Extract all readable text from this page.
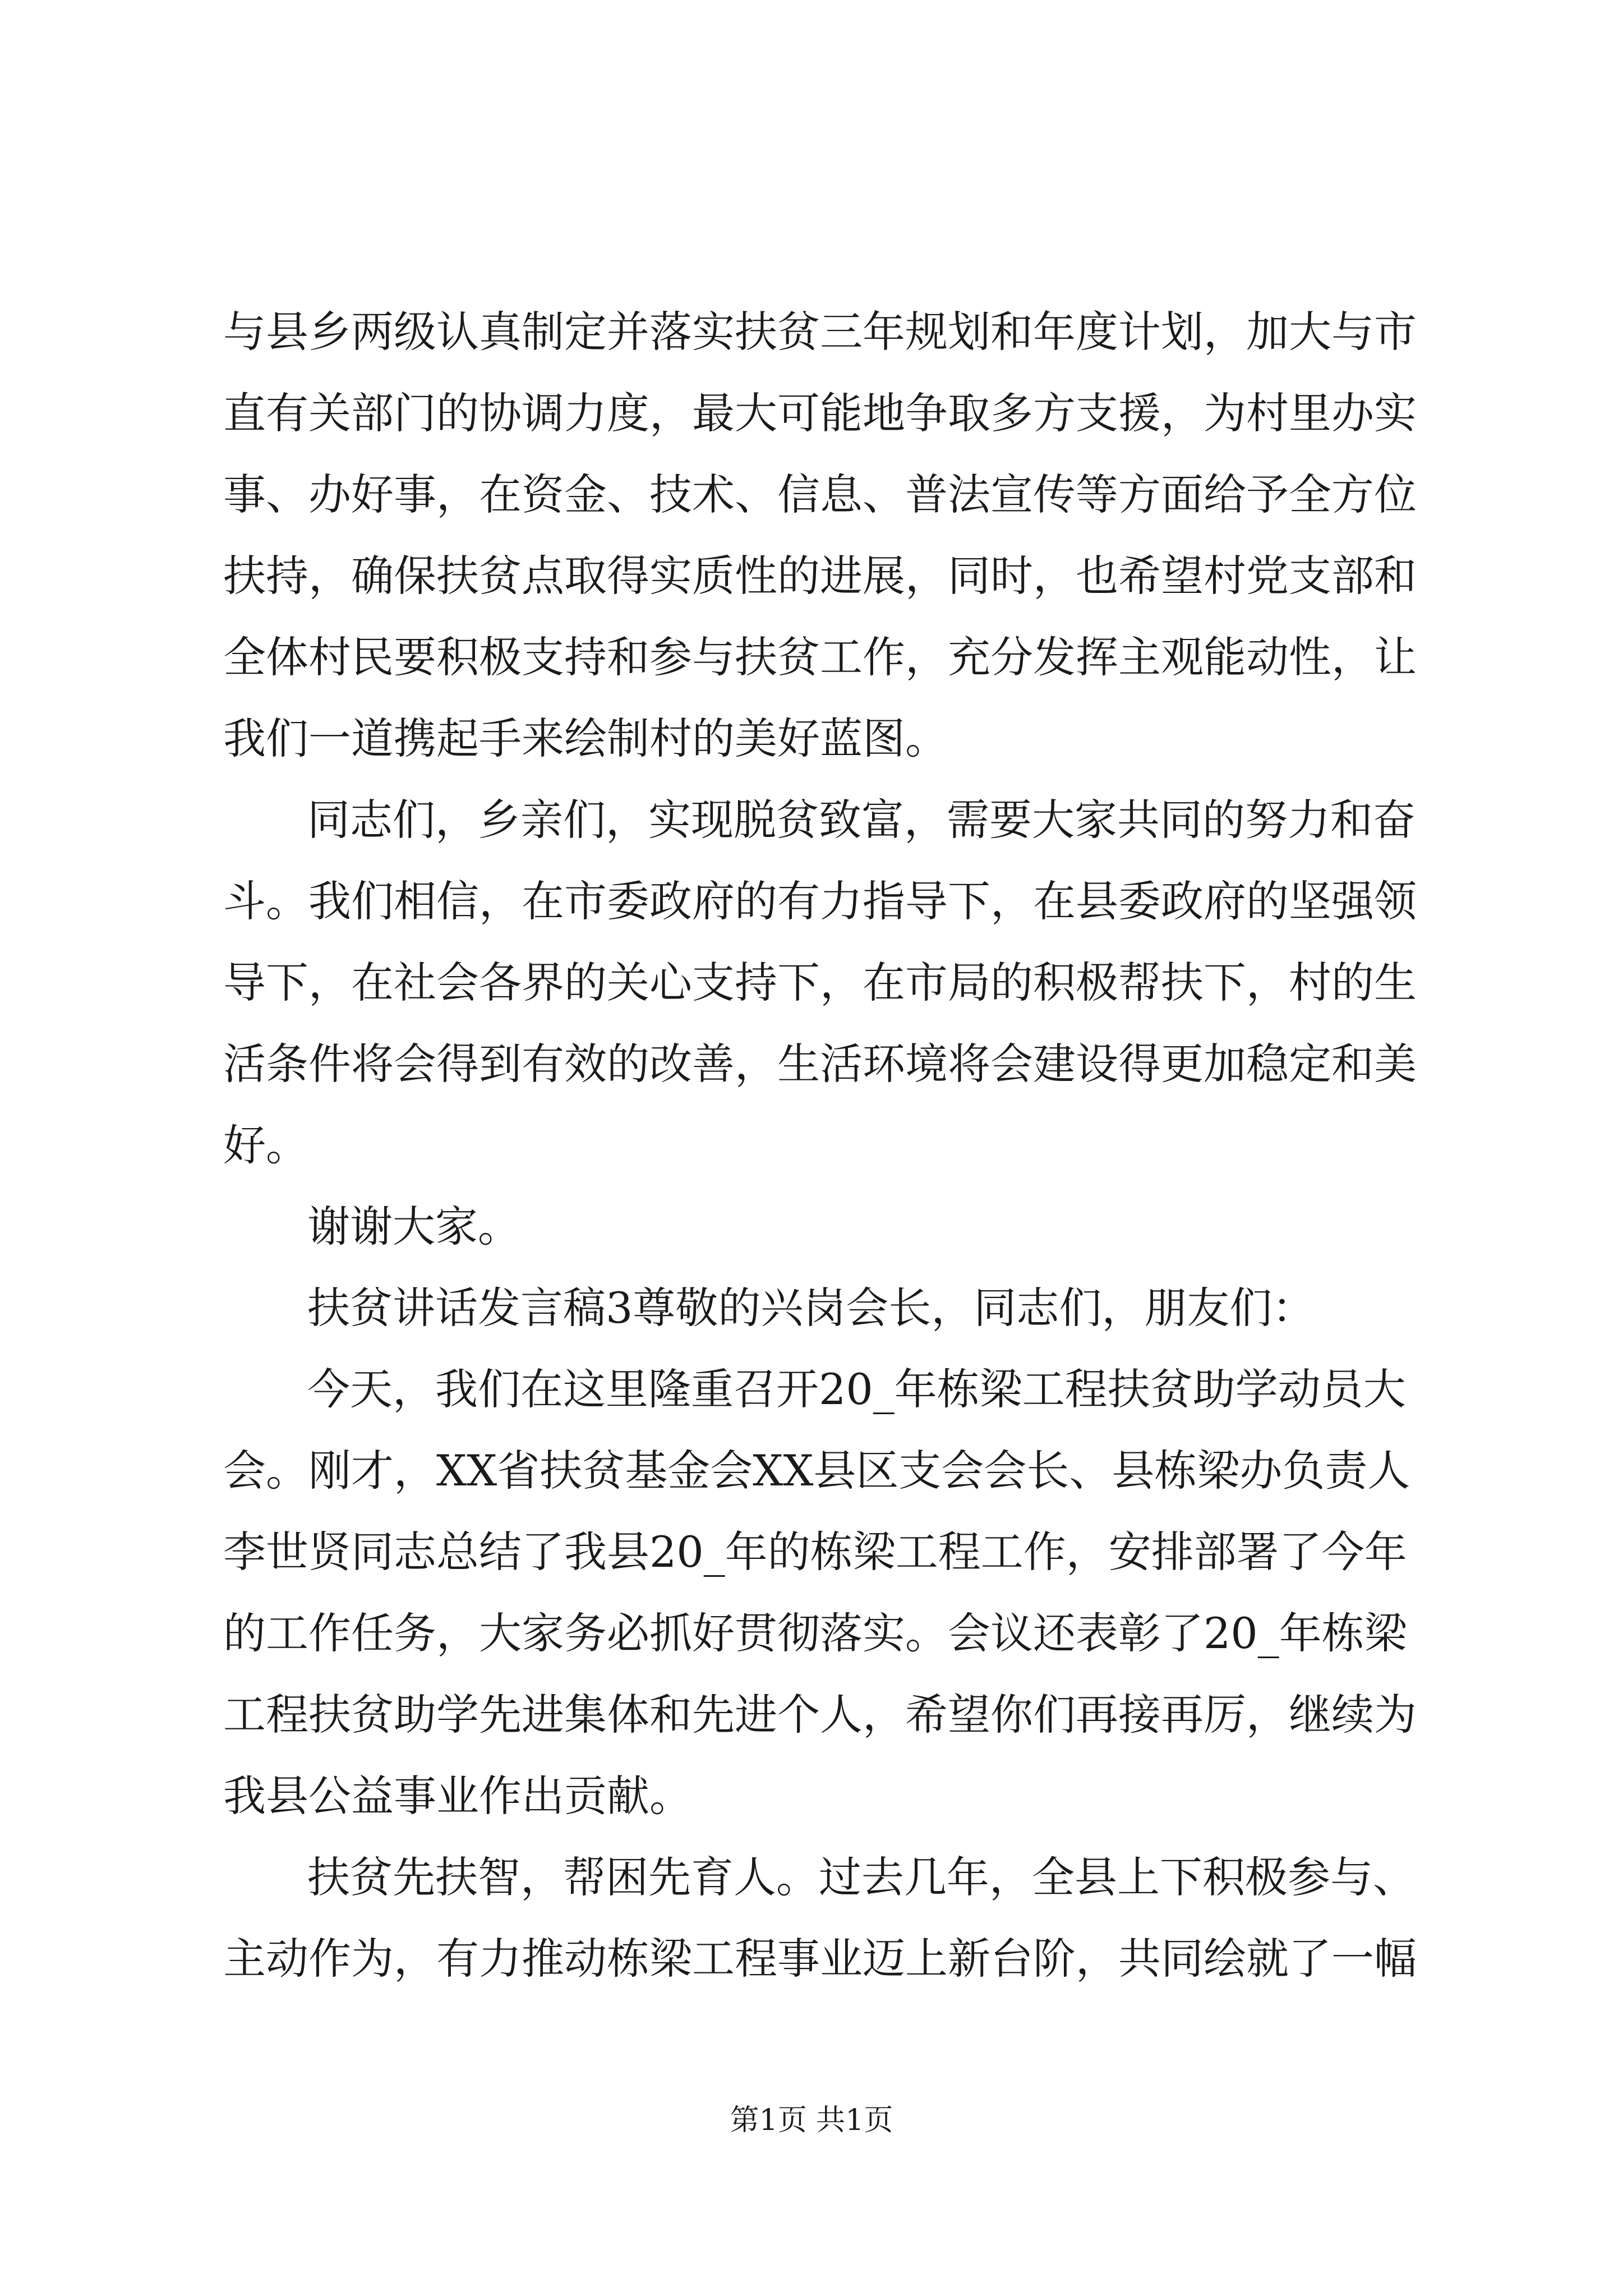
与县乡两级认真制定并落实扶贫三年规划和年度计划，加大与市
直有关部门的协调力度，最大可能地争取多方支援，为村里办实
事、办好事，在资金、技术、信息、普法宣传等方面给予全方位
扶持，确保扶贫点取得实质性的进展，同时，也希望村党支部和
全体村民要积极支持和参与扶贫工作，充分发挥主观能动性，让
我们一道携起手来绘制村的美好蓝图。
同志们，乡亲们，实现脱贫致富，需要大家共同的努力和奋
斗。我们相信，在市委政府的有力指导下，在县委政府的坚强领
导下，在社会各界的关心支持下，在市局的积极帮扶下，村的生
活条件将会得到有效的改善，生活环境将会建设得更加稳定和美
好。
谢谢大家。
扶贫讲话发言稿3尊敬的兴岗会长，同志们，朋友们：
今天，我们在这里隆重召开20_年栋梁工程扶贫助学动员大
会。刚才，XX省扶贫基金会XX县区支会会长、县栋梁办负责人
李世贤同志总结了我县20_年的栋梁工程工作，安排部署了今年
的工作任务，大家务必抓好贯彻落实。会议还表彰了20_年栋梁
工程扶贫助学先进集体和先进个人，希望你们再接再厉，继续为
我县公益事业作出贡献。
扶贫先扶智，帮困先育人。过去几年，全县上下积极参与、
主动作为，有力推动栋梁工程事业迈上新台阶，共同绘就了一幅
第1页 共1页
